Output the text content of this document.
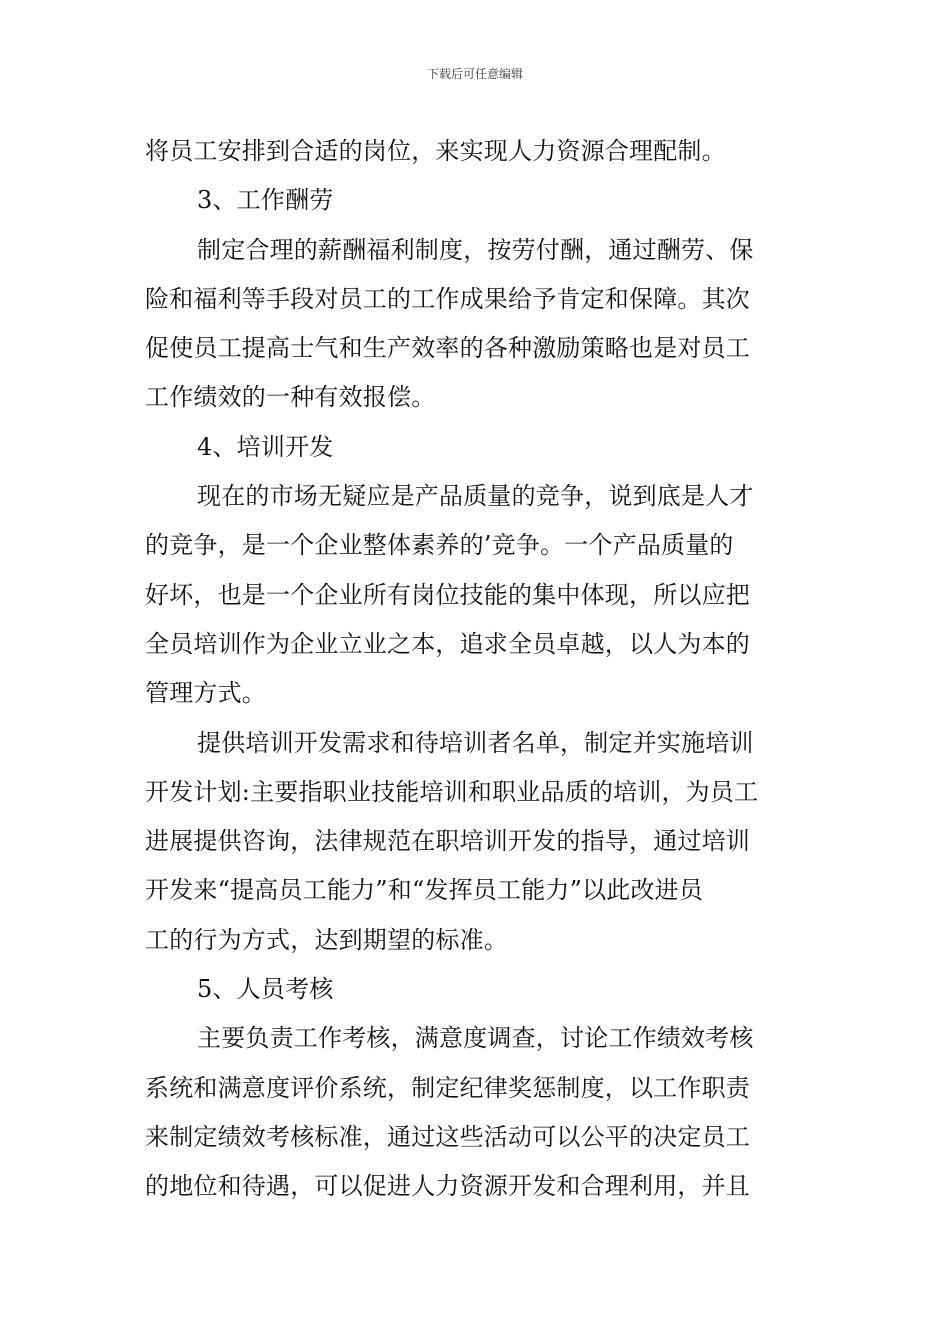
下载后可任意编辑
将员工安排到合适的岗位，来实现人力资源合理配制。
3、工作酬劳
制定合理的薪酬福利制度，按劳付酬，通过酬劳、保
险和福利等手段对员工的工作成果给予肯定和保障。其次
促使员工提高士气和生产效率的各种激励策略也是对员工
工作绩效的一种有效报偿。
4、培训开发
现在的市场无疑应是产品质量的竞争，说到底是人才
的竞争，是一个企业整体素养的’竞争。一个产品质量的
好坏，也是一个企业所有岗位技能的集中体现，所以应把
全员培训作为企业立业之本，追求全员卓越，以人为本的
管理方式。
提供培训开发需求和待培训者名单，制定并实施培训
开发计划:主要指职业技能培训和职业品质的培训，为员工
进展提供咨询，法律规范在职培训开发的指导，通过培训
开发来“提高员工能力”和“发挥员工能力”以此改进员
工的行为方式，达到期望的标准。
5、人员考核
主要负责工作考核，满意度调查，讨论工作绩效考核
系统和满意度评价系统，制定纪律奖惩制度，以工作职责
来制定绩效考核标准，通过这些活动可以公平的决定员工
的地位和待遇，可以促进人力资源开发和合理利用，并且
